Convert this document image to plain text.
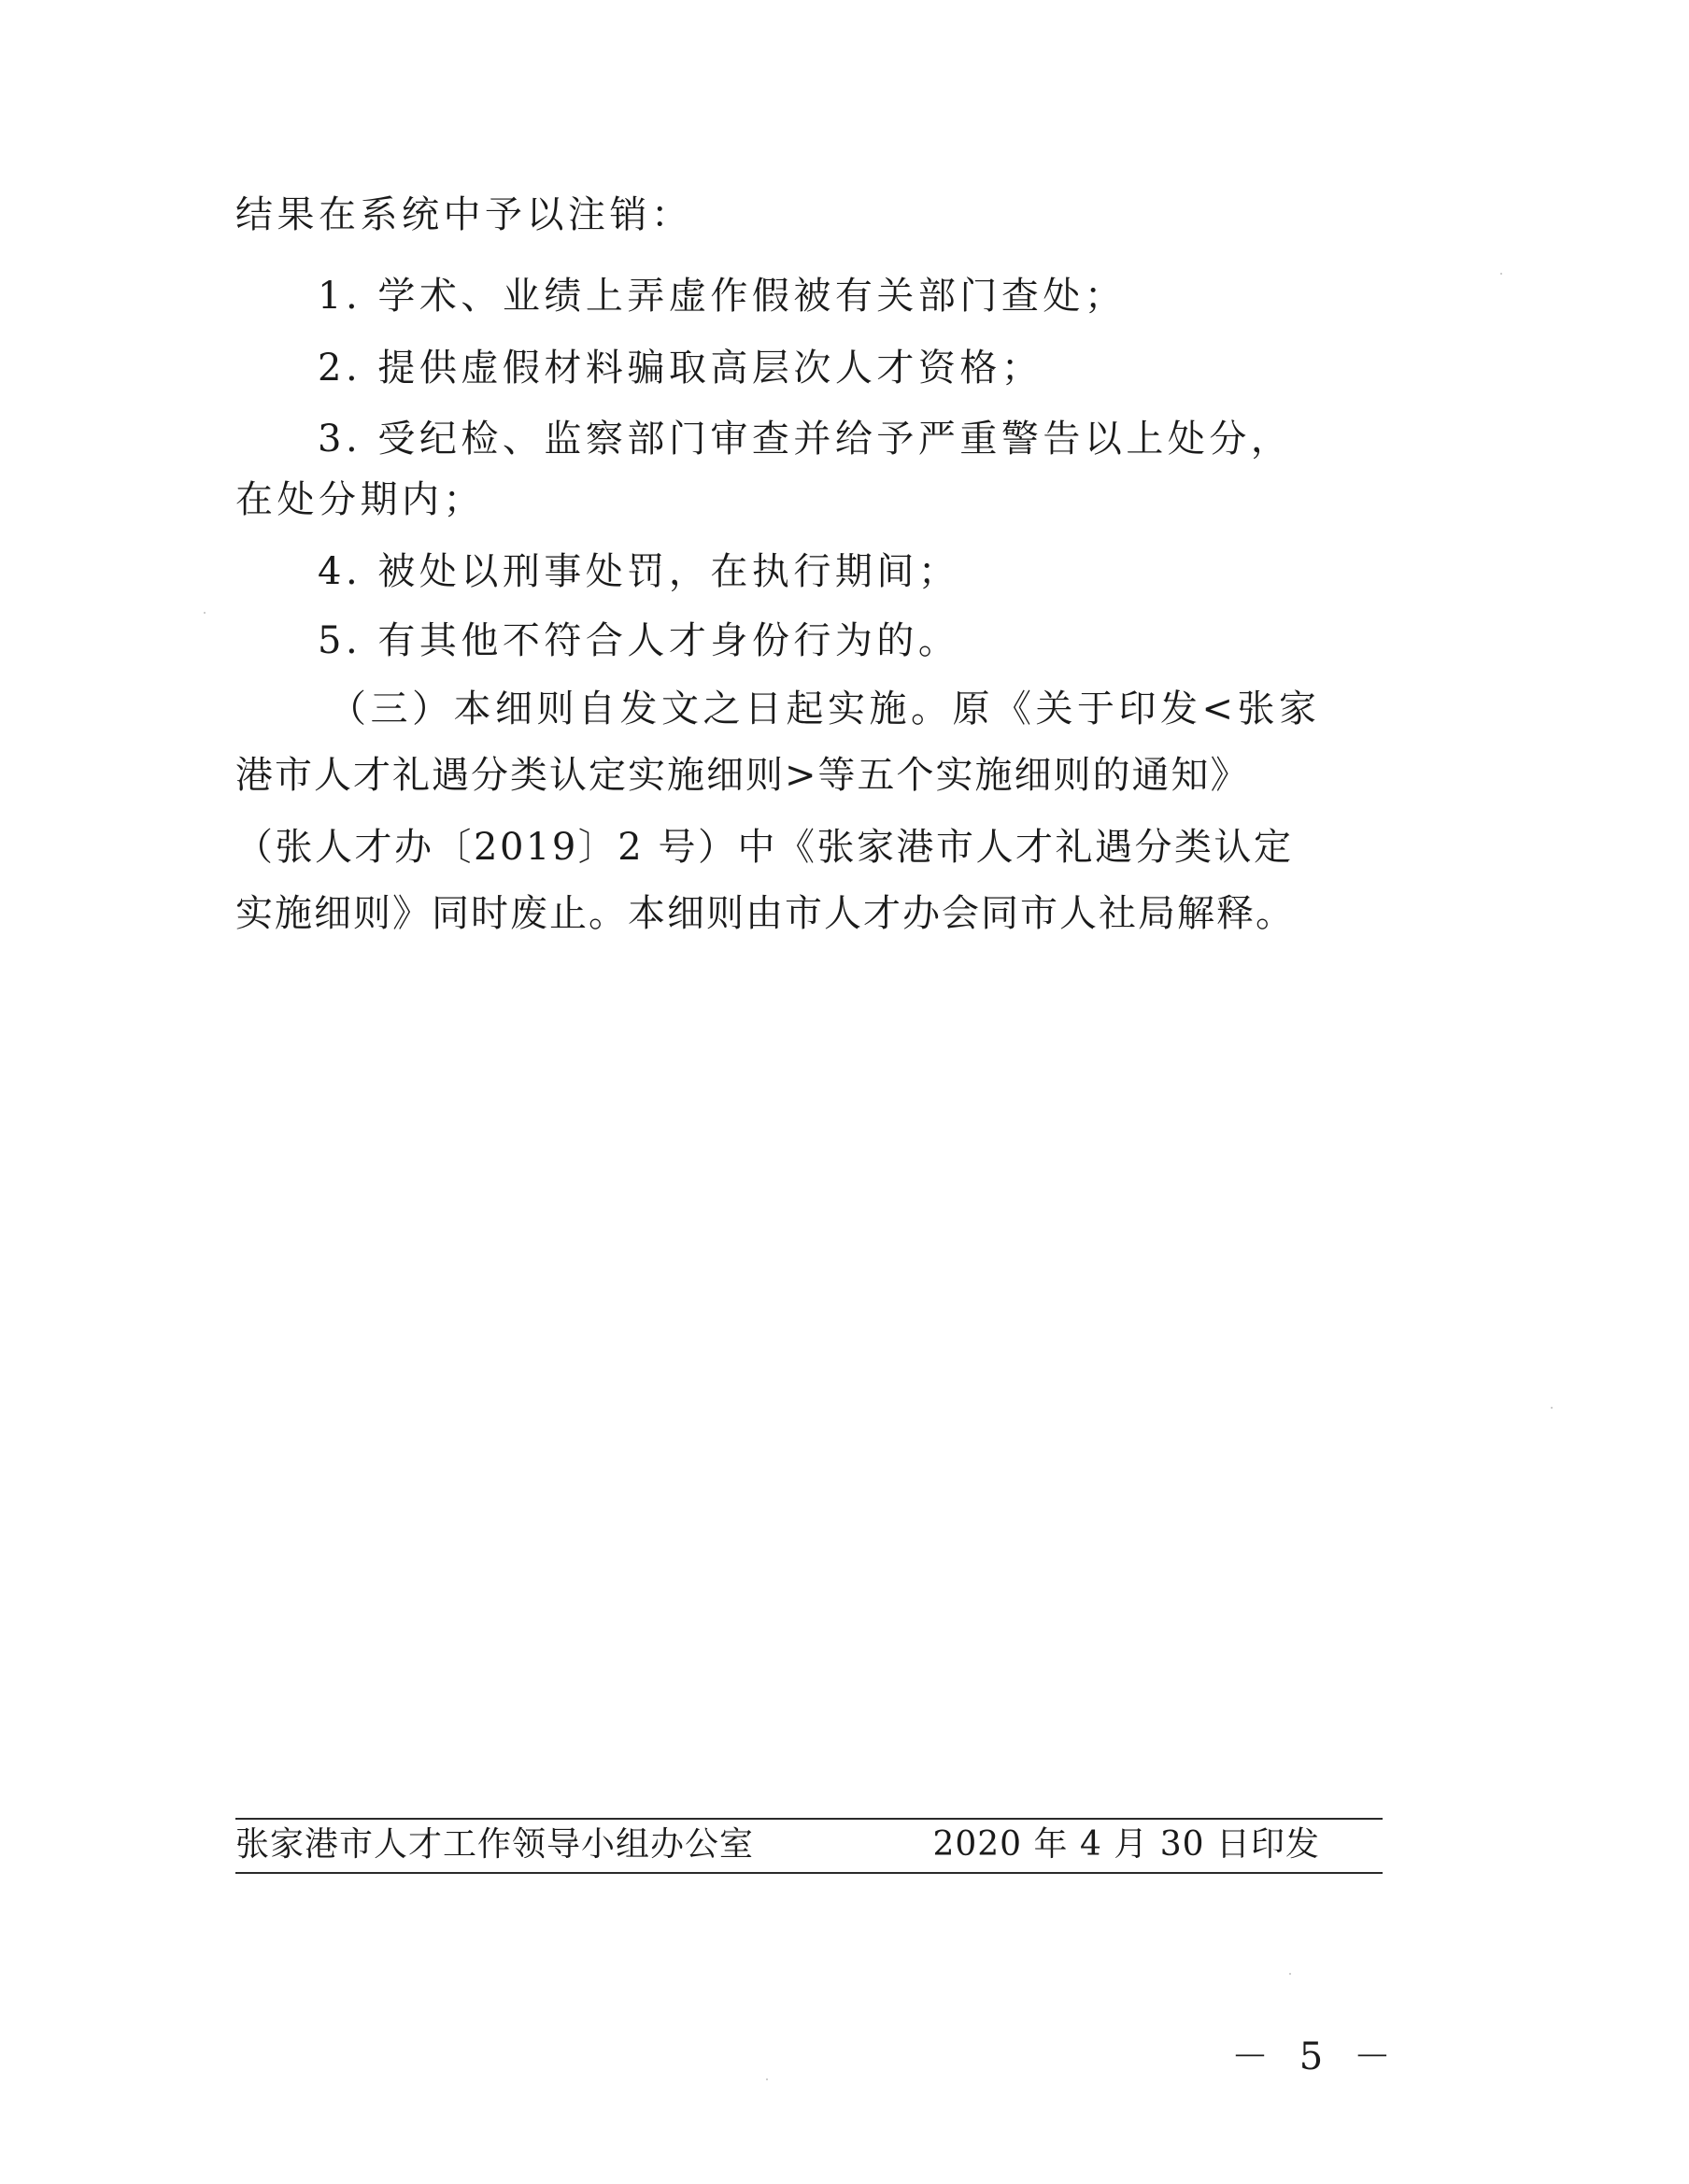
结果在系统中予以注销：
1. 学术、业绩上弄虚作假被有关部门查处；
2. 提供虚假材料骗取高层次人才资格；
3. 受纪检、监察部门审查并给予严重警告以上处分，
在处分期内；
4. 被处以刑事处罚，在执行期间；
5. 有其他不符合人才身份行为的。
（三）本细则自发文之日起实施。原《关于印发<张家
港市人才礼遇分类认定实施细则>等五个实施细则的通知》
（张人才办〔2019〕2 号）中《张家港市人才礼遇分类认定
实施细则》同时废止。本细则由市人才办会同市人社局解释。
张家港市人才工作领导小组办公室	2020 年 4 月 30 日印发
－ 5 －
